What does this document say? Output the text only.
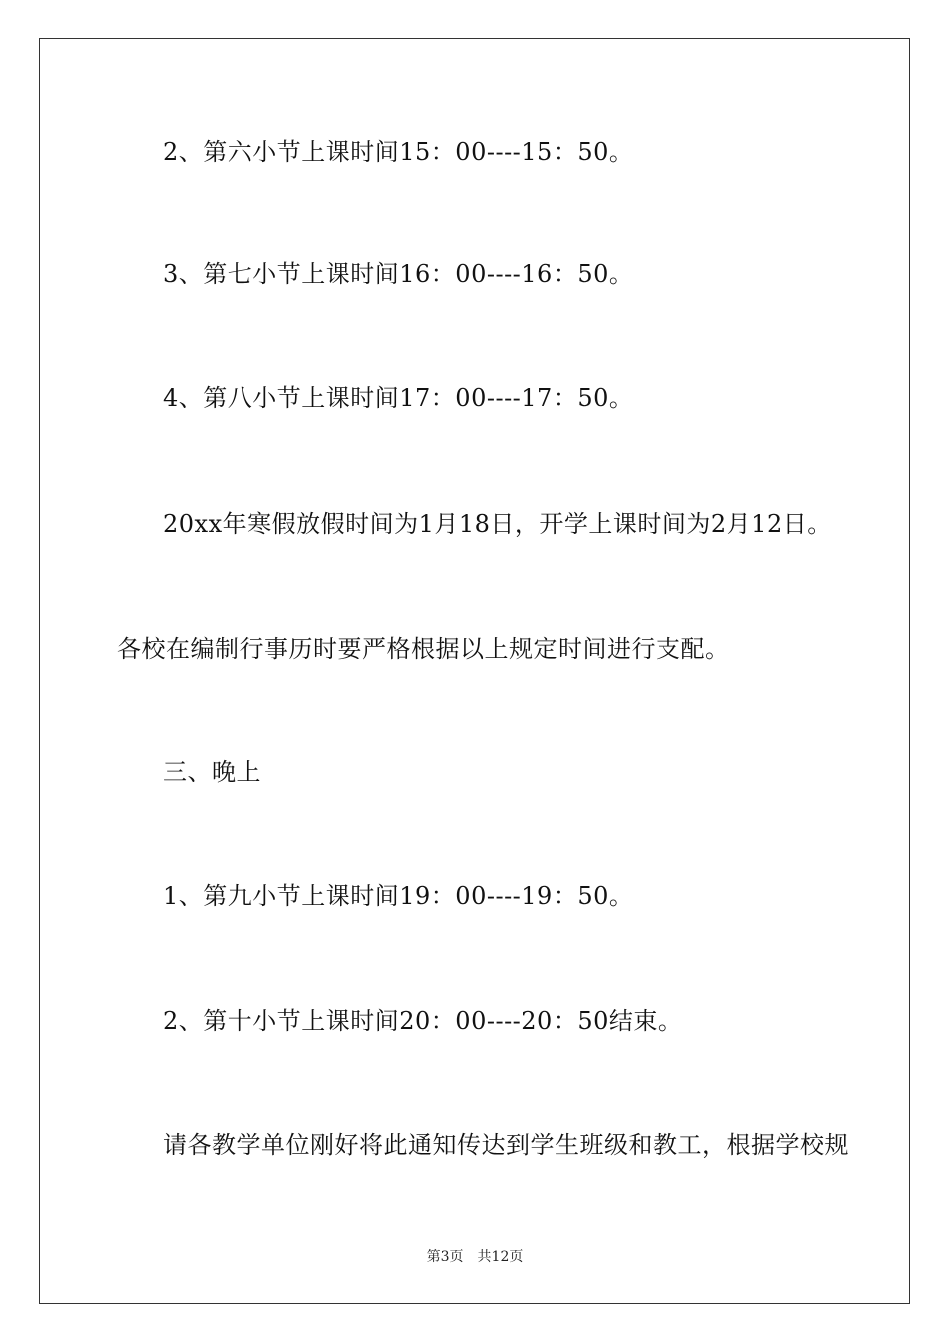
2、第六小节上课时间15：00----15：50。
3、第七小节上课时间16：00----16：50。
4、第八小节上课时间17：00----17：50。
20xx年寒假放假时间为1月18日，开学上课时间为2月12日。
各校在编制行事历时要严格根据以上规定时间进行支配。
三、晚上
1、第九小节上课时间19：00----19：50。
2、第十小节上课时间20：00----20：50结束。
请各教学单位刚好将此通知传达到学生班级和教工，根据学校规
第3页 共12页
